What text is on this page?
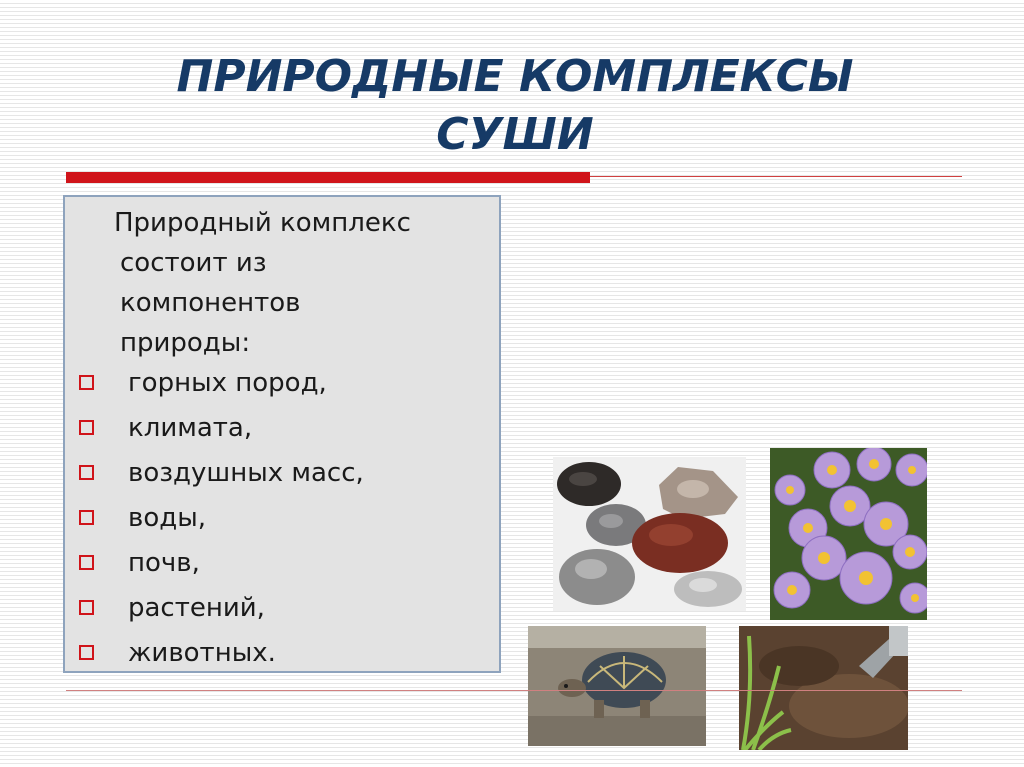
ПРИРОДНЫЕ КОМПЛЕКСЫ
СУШИ
Природный комплекс
состоит из
компонентов
природы:
горных пород,
климата,
воздушных масс,
воды,
почв,
растений,
животных.
